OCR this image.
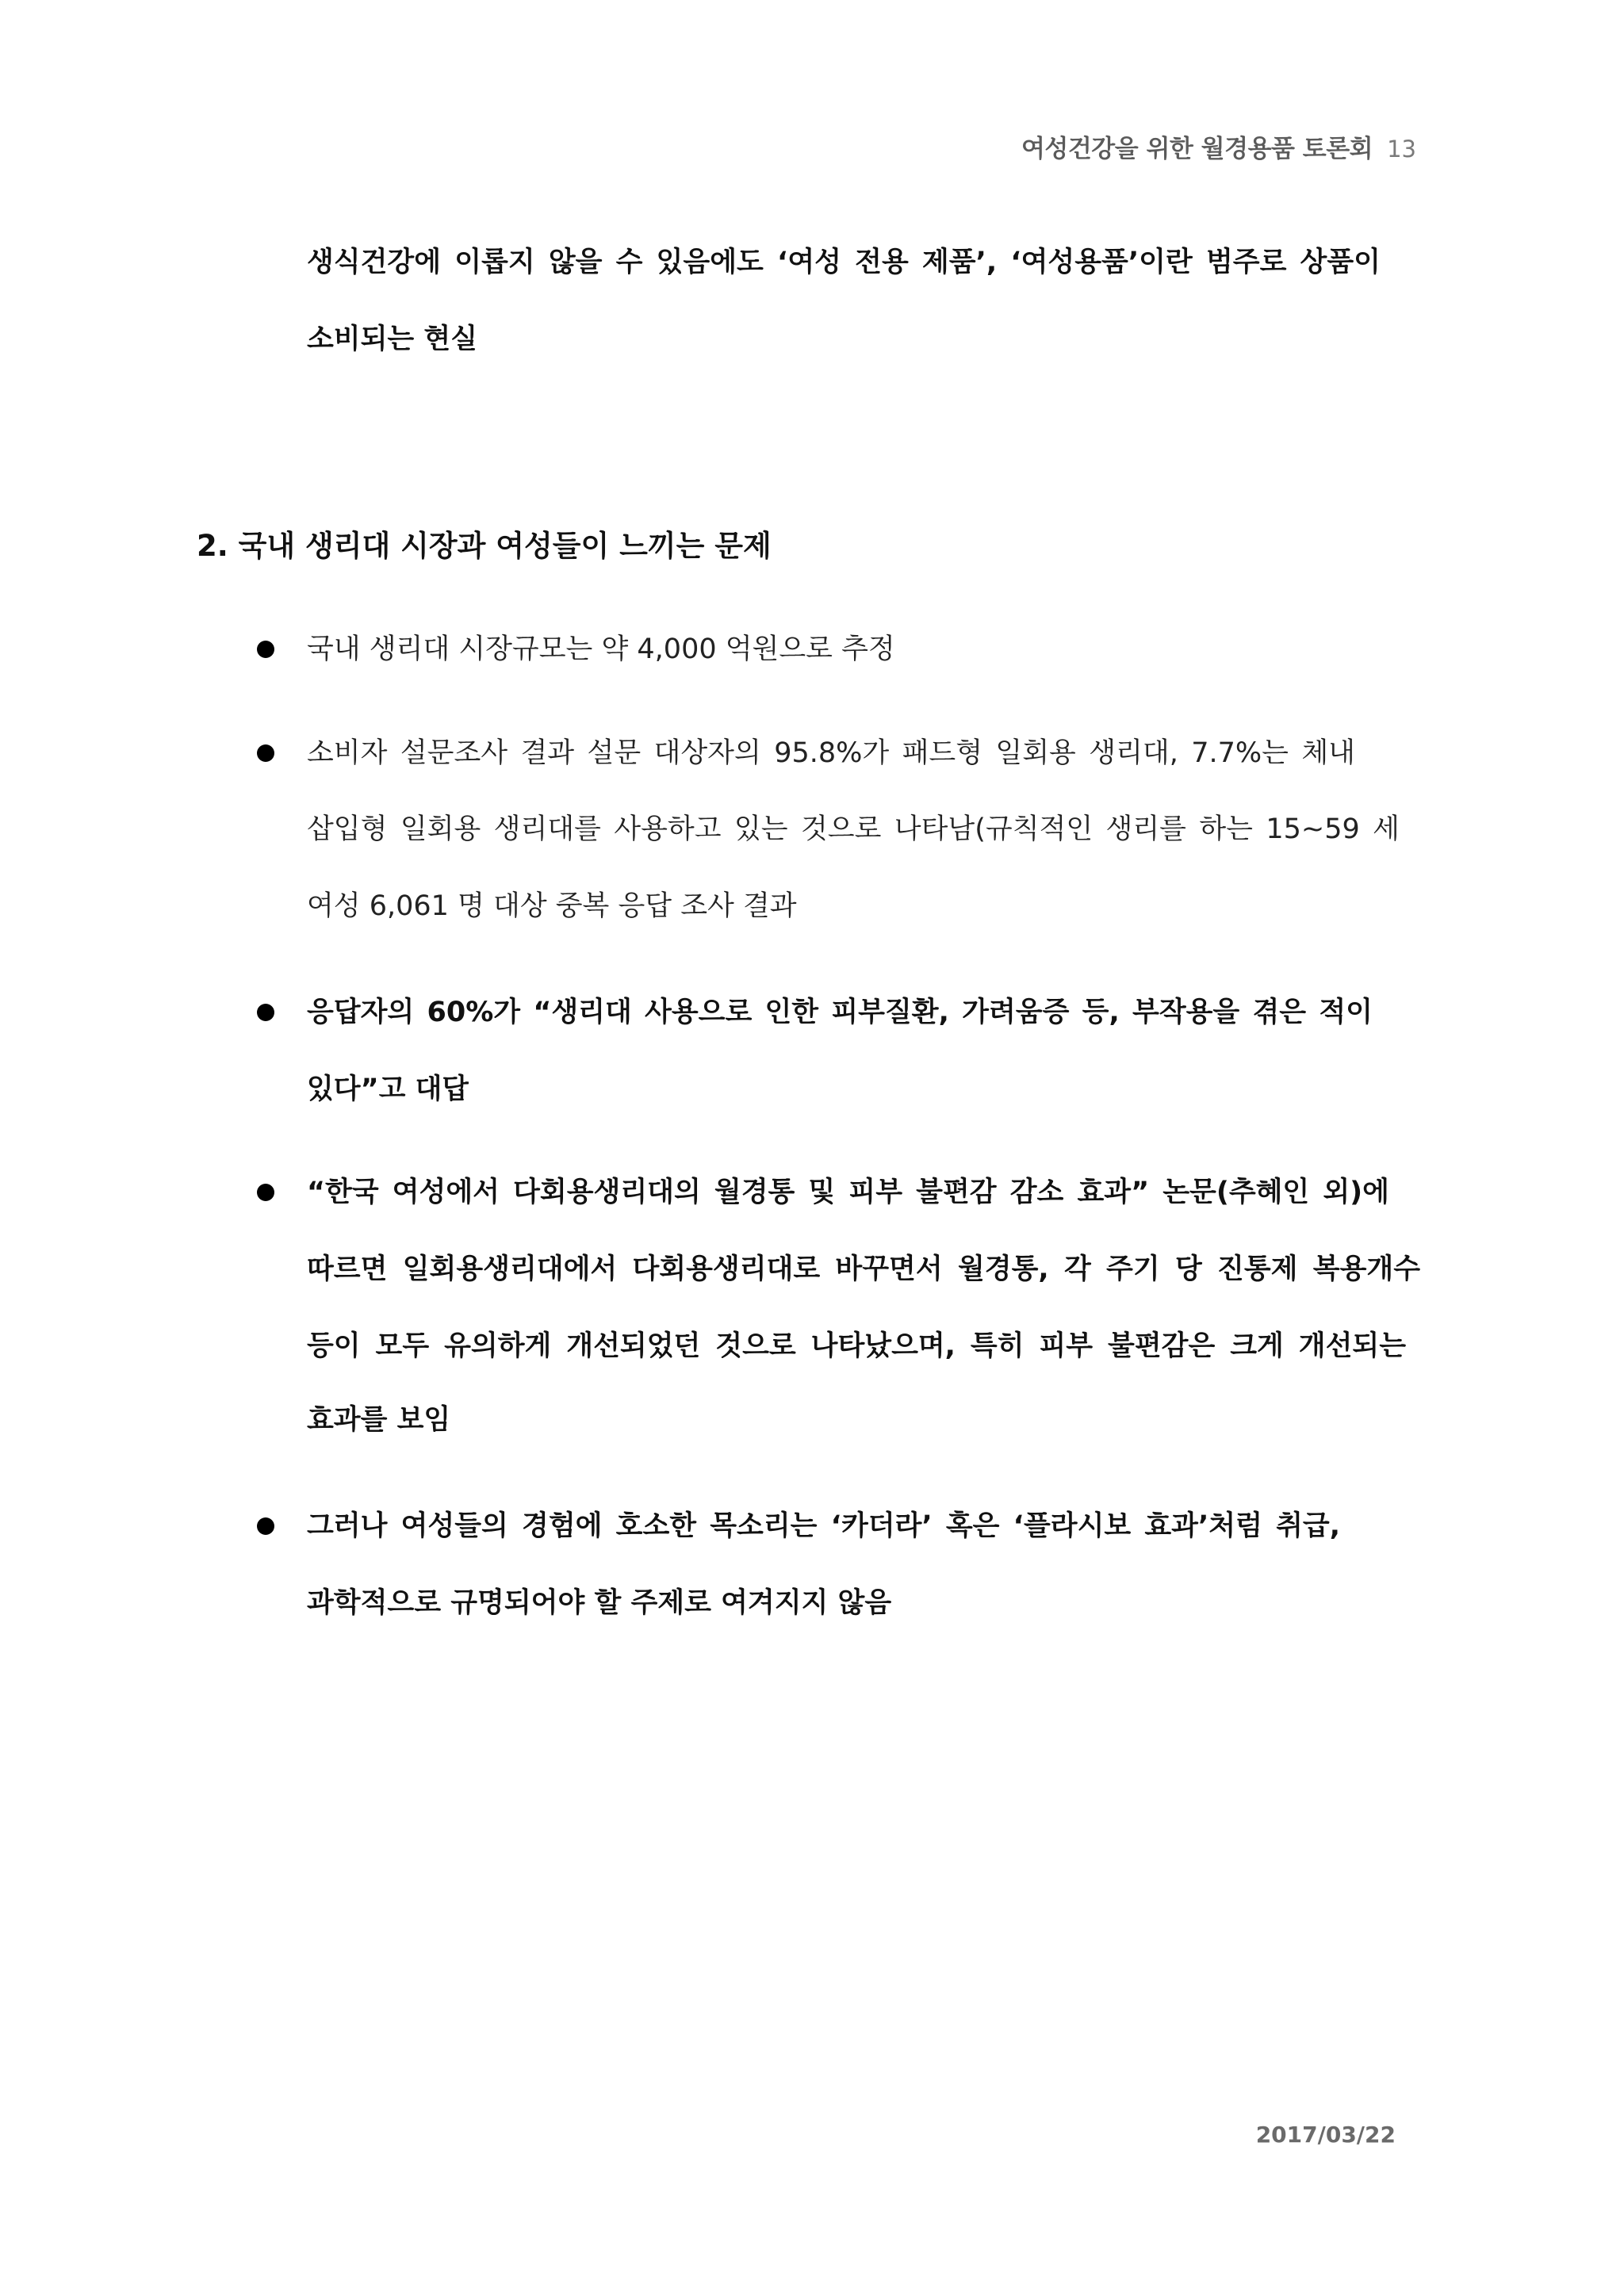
여성건강을 위한 월경용품 토론회 13
생식건강에 이롭지 않을 수 있음에도 ‘여성 전용 제품’, ‘여성용품’이란 범주로 상품이
소비되는 현실
2. 국내 생리대 시장과 여성들이 느끼는 문제
국내 생리대 시장규모는 약 4,000 억원으로 추정
소비자 설문조사 결과 설문 대상자의 95.8%가 패드형 일회용 생리대, 7.7%는 체내
삽입형 일회용 생리대를 사용하고 있는 것으로 나타남(규칙적인 생리를 하는 15~59 세
여성 6,061 명 대상 중복 응답 조사 결과
응답자의 60%가 “생리대 사용으로 인한 피부질환, 가려움증 등, 부작용을 겪은 적이
있다”고 대답
“한국 여성에서 다회용생리대의 월경통 및 피부 불편감 감소 효과” 논문(추혜인 외)에
따르면 일회용생리대에서 다회용생리대로 바꾸면서 월경통, 각 주기 당 진통제 복용개수
등이 모두 유의하게 개선되었던 것으로 나타났으며, 특히 피부 불편감은 크게 개선되는
효과를 보임
그러나 여성들의 경험에 호소한 목소리는 ‘카더라’ 혹은 ‘플라시보 효과’처럼 취급,
과학적으로 규명되어야 할 주제로 여겨지지 않음
2017/03/22
